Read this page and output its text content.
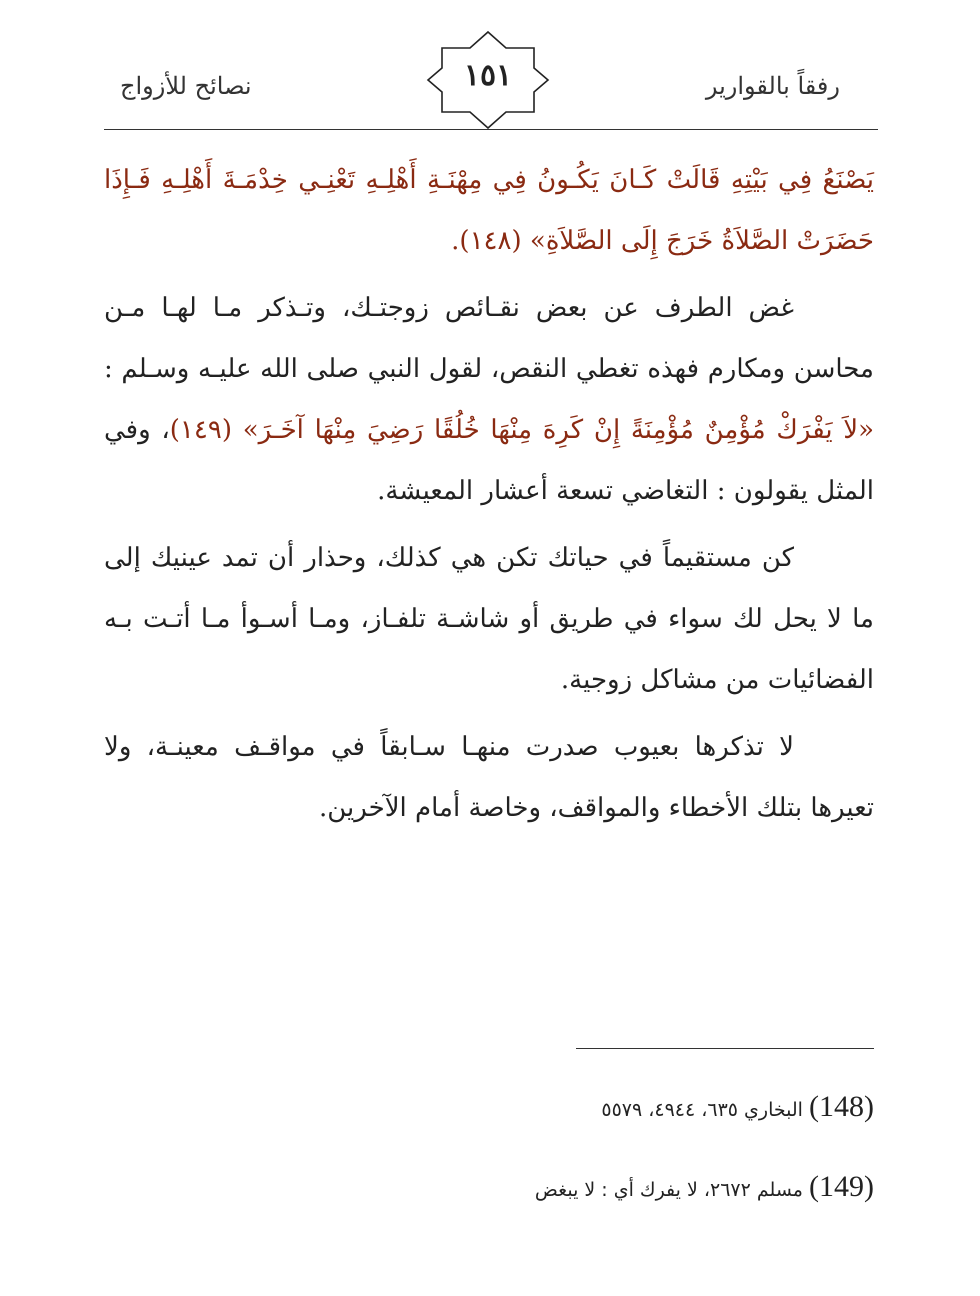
رفقاً بالقوارير
١٥١
نصائح للأزواج

يَصْنَعُ فِي بَيْتِهِ قَالَتْ كَـانَ يَكُـونُ فِي مِهْنَـةِ أَهْلِـهِ تَعْنِـي خِدْمَـةَ أَهْلِـهِ فَـإِذَا حَضَرَتْ الصَّلاَةُ خَرَجَ إِلَى الصَّلاَةِ» (١٤٨).

غض الطرف عن بعض نقـائص زوجتـك، وتـذكر مـا لهـا مـن محاسن ومكارم فهذه تغطي النقص، لقول النبي صلى الله عليـه وسـلم : «لاَ يَفْرَكْ مُؤْمِنٌ مُؤْمِنَةً إِنْ كَرِهَ مِنْهَا خُلُقًا رَضِيَ مِنْهَا آخَـرَ» (١٤٩)، وفي المثل يقولون : التغاضي تسعة أعشار المعيشة.

كن مستقيماً في حياتك تكن هي كذلك، وحذار أن تمد عينيك إلى ما لا يحل لك سواء في طريق أو شاشـة تلفـاز، ومـا أسـوأ مـا أتـت بـه الفضائيات من مشاكل زوجية.

لا تذكرها بعيوب صدرت منهـا سـابقاً في مواقـف معينـة، ولا تعيرها بتلك الأخطاء والمواقف، وخاصة أمام الآخرين.

(148) البخاري ٦٣٥، ٤٩٤٤، ٥٥٧٩
(149) مسلم ٢٦٧٢، لا يفرك أي : لا يبغض
